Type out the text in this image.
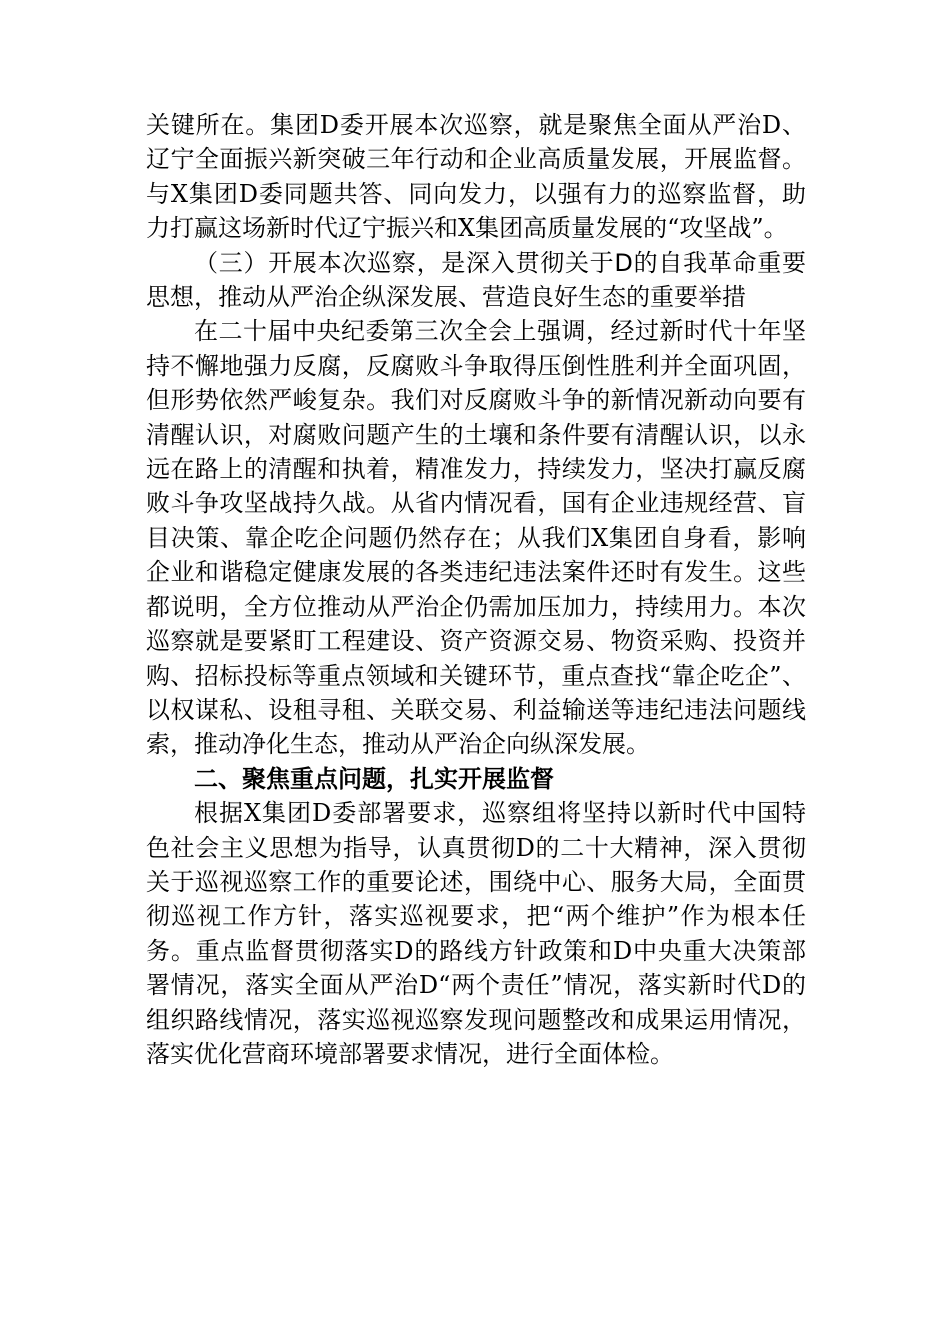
关键所在。集团D委开展本次巡察，就是聚焦全面从严治D、辽宁全面振兴新突破三年行动和企业高质量发展，开展监督。与X集团D委同题共答、同向发力，以强有力的巡察监督，助力打赢这场新时代辽宁振兴和X集团高质量发展的“攻坚战”。

（三）开展本次巡察，是深入贯彻关于D的自我革命重要思想，推动从严治企纵深发展、营造良好生态的重要举措

在二十届中央纪委第三次全会上强调，经过新时代十年坚持不懈地强力反腐，反腐败斗争取得压倒性胜利并全面巩固，但形势依然严峻复杂。我们对反腐败斗争的新情况新动向要有清醒认识，对腐败问题产生的土壤和条件要有清醒认识，以永远在路上的清醒和执着，精准发力，持续发力，坚决打赢反腐败斗争攻坚战持久战。从省内情况看，国有企业违规经营、盲目决策、靠企吃企问题仍然存在；从我们X集团自身看，影响企业和谐稳定健康发展的各类违纪违法案件还时有发生。这些都说明，全方位推动从严治企仍需加压加力，持续用力。本次巡察就是要紧盯工程建设、资产资源交易、物资采购、投资并购、招标投标等重点领域和关键环节，重点查找“靠企吃企”、以权谋私、设租寻租、关联交易、利益输送等违纪违法问题线索，推动净化生态，推动从严治企向纵深发展。

二、聚焦重点问题，扎实开展监督

根据X集团D委部署要求，巡察组将坚持以新时代中国特色社会主义思想为指导，认真贯彻D的二十大精神，深入贯彻关于巡视巡察工作的重要论述，围绕中心、服务大局，全面贯彻巡视工作方针，落实巡视要求，把“两个维护”作为根本任务。重点监督贯彻落实D的路线方针政策和D中央重大决策部署情况，落实全面从严治D“两个责任”情况，落实新时代D的组织路线情况，落实巡视巡察发现问题整改和成果运用情况，落实优化营商环境部署要求情况，进行全面体检。
